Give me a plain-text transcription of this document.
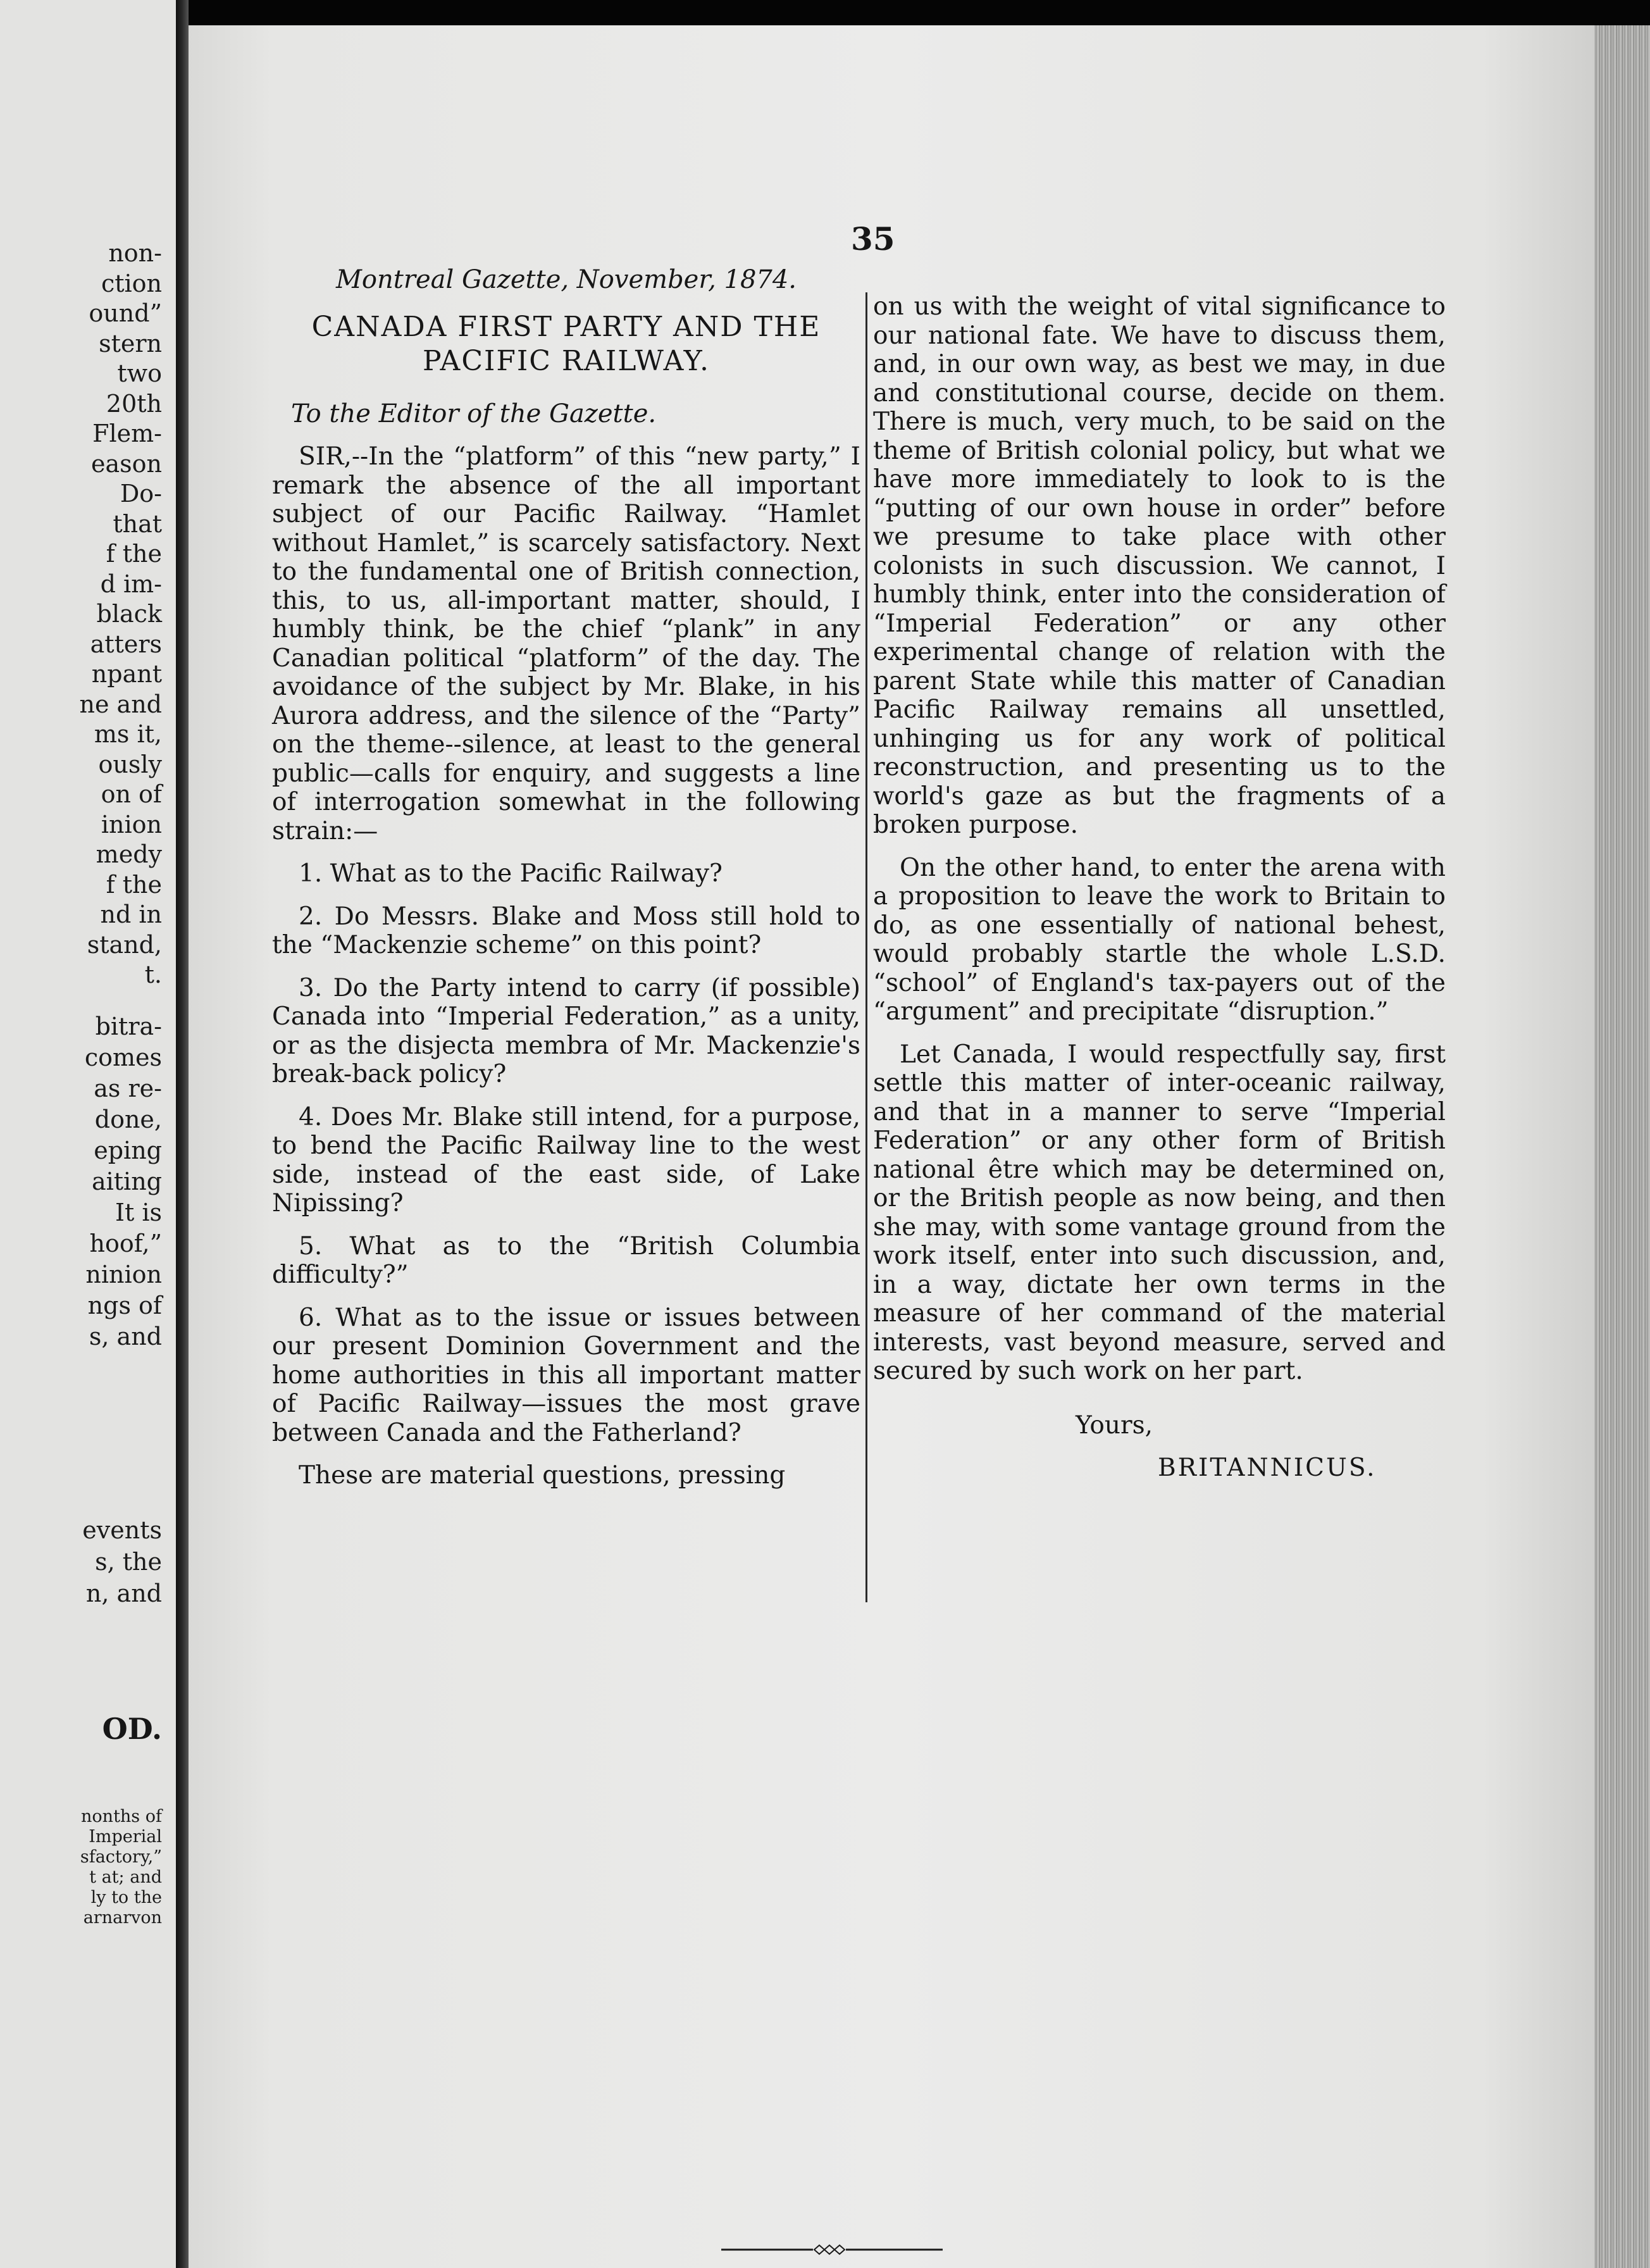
non-
ction
ound”
stern
two
20th
Flem-
eason
Do-
that
f the
d im-
black
atters
npant
ne and
ms it,
ously
on of
inion
medy
f the
nd in
stand,
t.
bitra-
comes
as re-
done,
eping
aiting
It is
hoof,”
ninion
ngs of
s, and
events
s, the
n, and
OD.
nonths of
Imperial
sfactory,”
t at; and
ly to the
arnarvon
35

Montreal Gazette, November, 1874.

CANADA FIRST PARTY AND THE PACIFIC RAILWAY.

To the Editor of the Gazette.

SIR,--In the “platform” of this “new party,” I remark the absence of the all important subject of our Pacific Railway. “Hamlet without Hamlet,” is scarcely satisfactory. Next to the fundamental one of British connection, this, to us, all-important matter, should, I humbly think, be the chief “plank” in any Canadian political “platform” of the day. The avoidance of the subject by Mr. Blake, in his Aurora address, and the silence of the “Party” on the theme--silence, at least to the general public—calls for enquiry, and suggests a line of interrogation somewhat in the following strain:—

1. What as to the Pacific Railway?

2. Do Messrs. Blake and Moss still hold to the “Mackenzie scheme” on this point?

3. Do the Party intend to carry (if possible) Canada into “Imperial Federation,” as a unity, or as the disjecta membra of Mr. Mackenzie's break-back policy?

4. Does Mr. Blake still intend, for a purpose, to bend the Pacific Railway line to the west side, instead of the east side, of Lake Nipissing?

5. What as to the “British Columbia difficulty?”

6. What as to the issue or issues between our present Dominion Government and the home authorities in this all important matter of Pacific Railway—issues the most grave between Canada and the Fatherland?

These are material questions, pressing

on us with the weight of vital significance to our national fate. We have to discuss them, and, in our own way, as best we may, in due and constitutional course, decide on them. There is much, very much, to be said on the theme of British colonial policy, but what we have more immediately to look to is the “putting of our own house in order” before we presume to take place with other colonists in such discussion. We cannot, I humbly think, enter into the consideration of “Imperial Federation” or any other experimental change of relation with the parent State while this matter of Canadian Pacific Railway remains all unsettled, unhinging us for any work of political reconstruction, and presenting us to the world's gaze as but the fragments of a broken purpose.

On the other hand, to enter the arena with a proposition to leave the work to Britain to do, as one essentially of national behest, would probably startle the whole L.S.D. “school” of England's tax-payers out of the “argument” and precipitate “disruption.”

Let Canada, I would respectfully say, first settle this matter of inter-oceanic railway, and that in a manner to serve “Imperial Federation” or any other form of British national être which may be determined on, or the British people as now being, and then she may, with some vantage ground from the work itself, enter into such discussion, and, in a way, dictate her own terms in the measure of her command of the material interests, vast beyond measure, served and secured by such work on her part.

Yours,

BRITANNICUS.
